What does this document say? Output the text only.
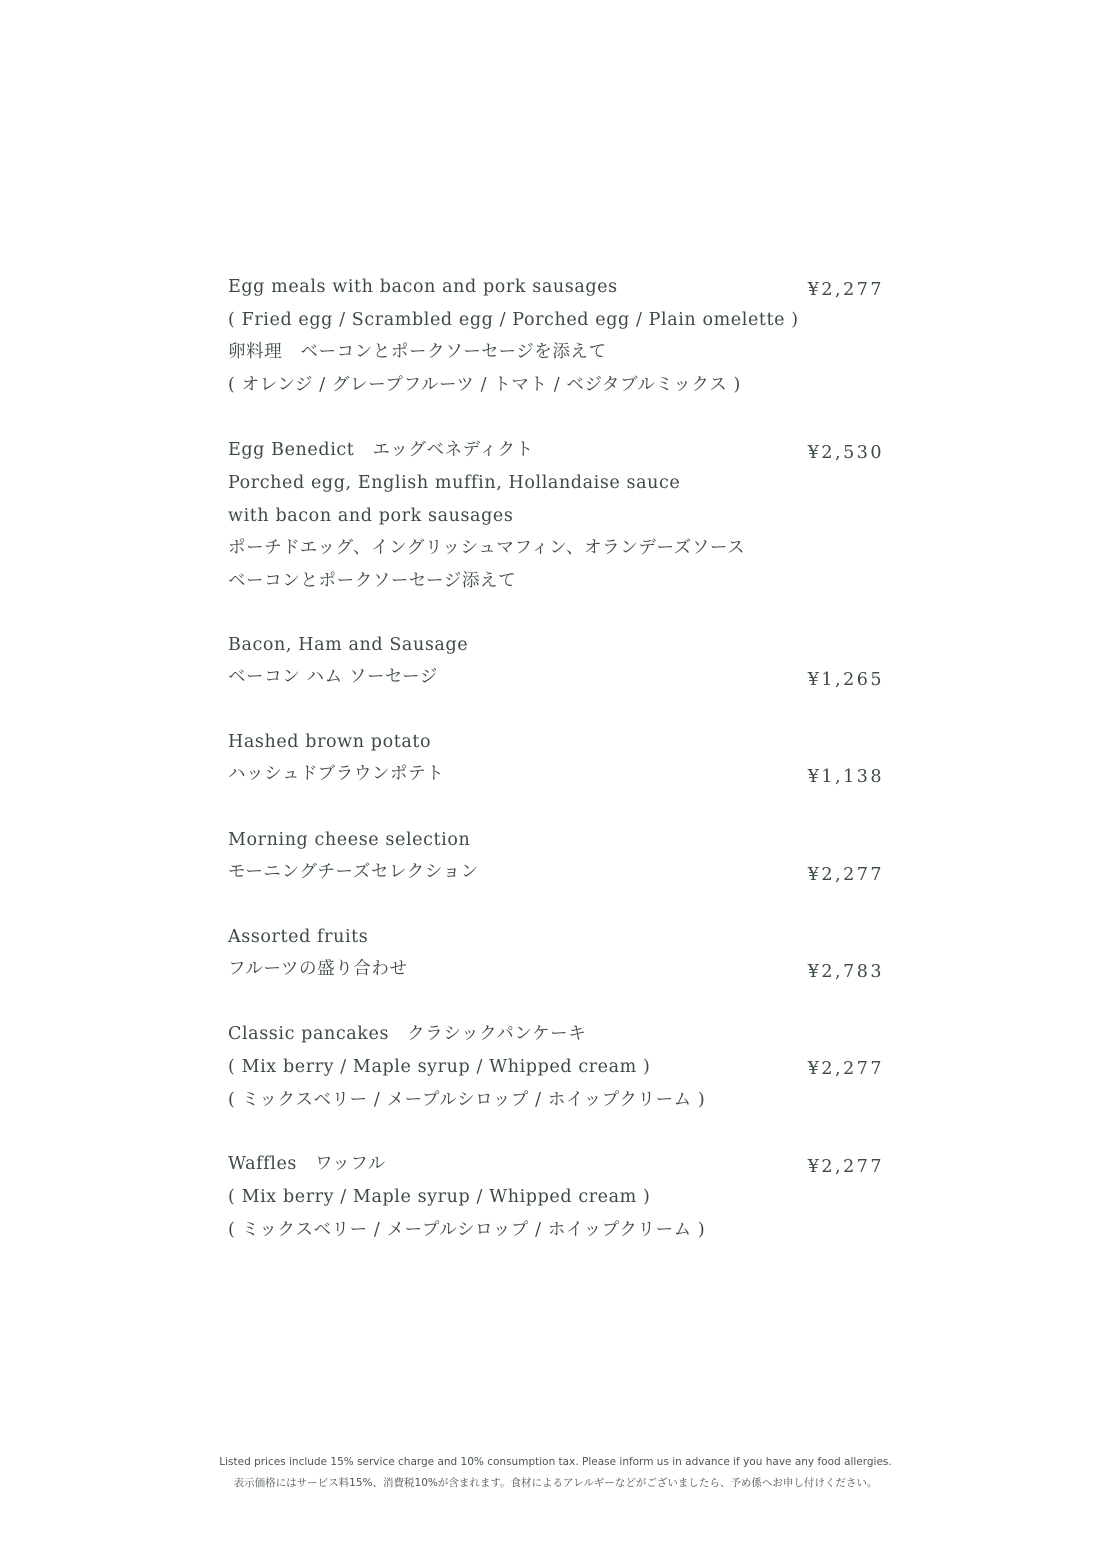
Egg meals with bacon and pork sausages
( Fried egg / Scrambled egg / Porched egg / Plain omelette )
卵料理　ベーコンとポークソーセージを添えて
( オレンジ / グレープフルーツ / トマト / ベジタブルミックス )
¥2,277
Egg Benedict　エッグベネディクト
Porched egg, English muffin, Hollandaise sauce
with bacon and pork sausages
ポーチドエッグ、イングリッシュマフィン、オランデーズソース
ベーコンとポークソーセージ添えて
¥2,530
Bacon, Ham and Sausage
ベーコン ハム ソーセージ	¥1,265
Hashed brown potato
ハッシュドブラウンポテト	¥1,138
Morning cheese selection
モーニングチーズセレクション	¥2,277
Assorted fruits
フルーツの盛り合わせ	¥2,783
Classic pancakes　クラシックパンケーキ
( Mix berry / Maple syrup / Whipped cream )
( ミックスベリー / メープルシロップ / ホイップクリーム )
¥2,277
Waffles　ワッフル
( Mix berry / Maple syrup / Whipped cream )
( ミックスベリー / メープルシロップ / ホイップクリーム )
¥2,277
Listed prices include 15% service charge and 10% consumption tax. Please inform us in advance if you have any food allergies.
表示価格にはサービス料15%、消費税10%が含まれます。食材によるアレルギーなどがございましたら、予め係へお申し付けください。
